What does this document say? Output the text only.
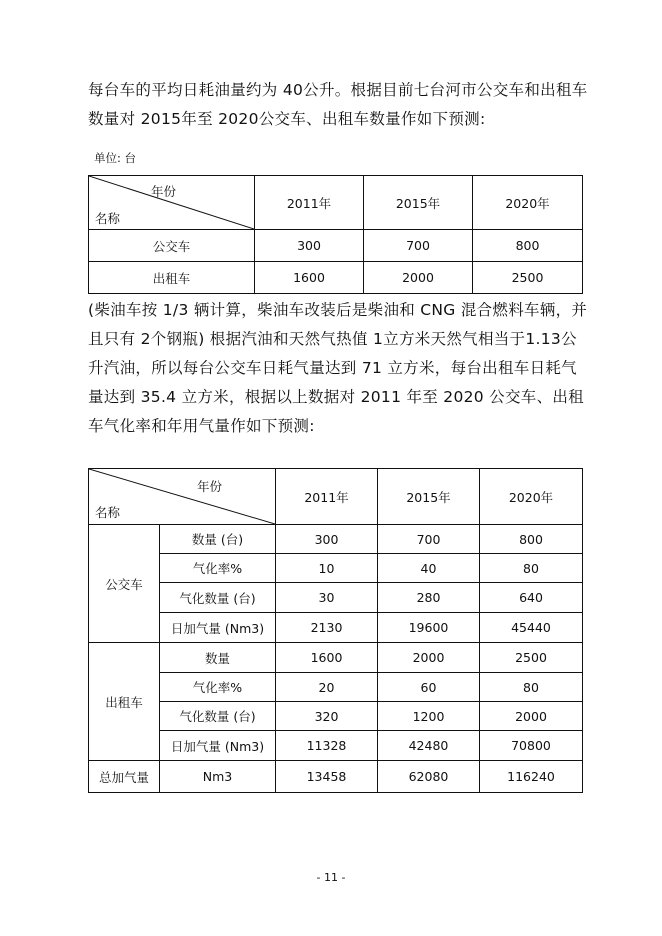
每台车的平均日耗油量约为 40公升。根据目前七台河市公交车和出租车数量对 2015年至 2020公交车、出租车数量作如下预测:

单位: 台
年份
名称	2011年	2015年	2020年
公交车	300	700	800
出租车	1600	2000	2500

(柴油车按 1/3 辆计算，柴油车改装后是柴油和 CNG 混合燃料车辆，并且只有 2个钢瓶) 根据汽油和天然气热值 1立方米天然气相当于1.13公升汽油，所以每台公交车日耗气量达到 71 立方米，每台出租车日耗气量达到 35.4 立方米，根据以上数据对 2011 年至 2020 公交车、出租车气化率和年用气量作如下预测:

年份
名称		2011年	2015年	2020年
公交车	数量 (台)	300	700	800
	气化率%	10	40	80
	气化数量 (台)	30	280	640
	日加气量 (Nm3)	2130	19600	45440
出租车	数量	1600	2000	2500
	气化率%	20	60	80
	气化数量 (台)	320	1200	2000
	日加气量 (Nm3)	11328	42480	70800
总加气量	Nm3	13458	62080	116240
- 11 -
